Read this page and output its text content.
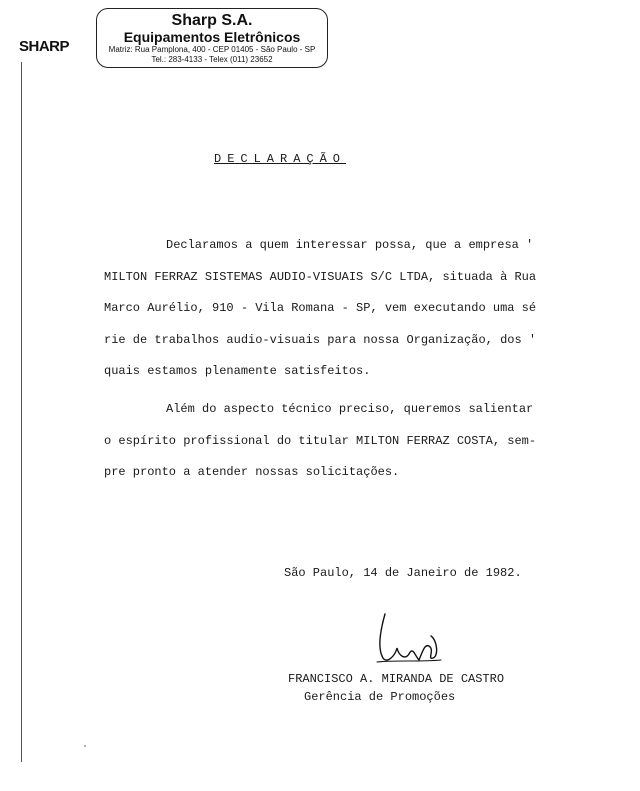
SHARP
Sharp S.A.
Equipamentos Eletrônicos
Matriz: Rua Pamplona, 400 - CEP 01405 - São Paulo - SP
Tel.: 283-4133 - Telex (011) 23652
DECLARAÇÃO
Declaramos a quem interessar possa, que a empresa '
MILTON FERRAZ SISTEMAS AUDIO-VISUAIS S/C LTDA, situada à Rua
Marco Aurélio, 910 - Vila Romana - SP, vem executando uma sé
rie de trabalhos audio-visuais para nossa Organização, dos '
quais estamos plenamente satisfeitos.
Além do aspecto técnico preciso, queremos salientar
o espírito profissional do titular MILTON FERRAZ COSTA, sem-
pre pronto a atender nossas solicitações.
São Paulo, 14 de Janeiro de 1982.
FRANCISCO A. MIRANDA DE CASTRO
Gerência de Promoções
